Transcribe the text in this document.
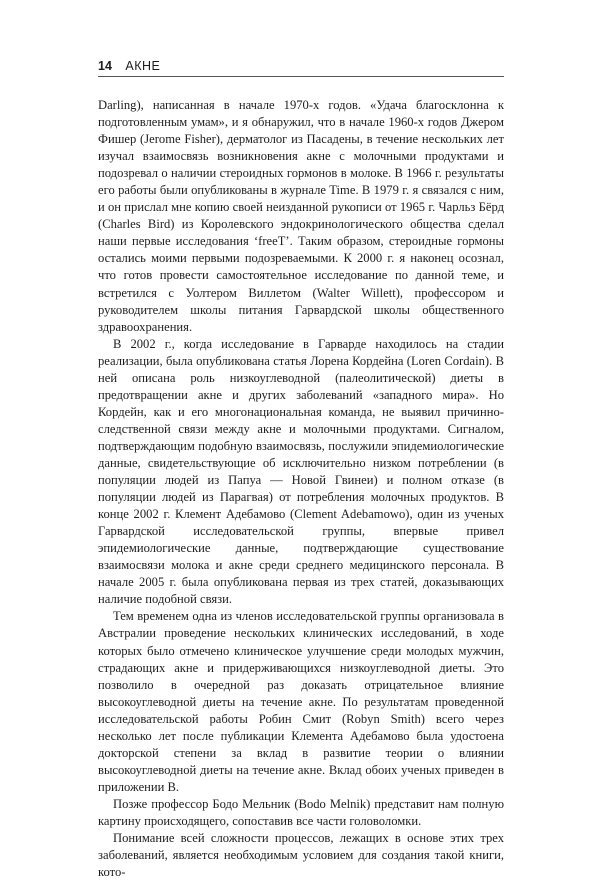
14 АКНЕ

Darling), написанная в начале 1970-х годов. «Удача благосклонна к подготовленным умам», и я обнаружил, что в начале 1960-х годов Джером Фишер (Jerome Fisher), дерматолог из Пасадены, в течение нескольких лет изучал взаимосвязь возникновения акне с молочными продуктами и подозревал о наличии стероидных гормонов в молоке. В 1966 г. результаты его работы были опубликованы в журнале Time. В 1979 г. я связался с ним, и он прислал мне копию своей неизданной рукописи от 1965 г. Чарльз Бёрд (Charles Bird) из Королевского эндокринологического общества сделал наши первые исследования ‘freeT’. Таким образом, стероидные гормоны остались моими первыми подозреваемыми. К 2000 г. я наконец осознал, что готов провести самостоятельное исследование по данной теме, и встретился с Уолтером Виллетом (Walter Willett), профессором и руководителем школы питания Гарвардской школы общественного здравоохранения.

В 2002 г., когда исследование в Гарварде находилось на стадии реализации, была опубликована статья Лорена Кордейна (Loren Cordain). В ней описана роль низкоуглеводной (палеолитической) диеты в предотвращении акне и других заболеваний «западного мира». Но Кордейн, как и его многонациональная команда, не выявил причинно-следственной связи между акне и молочными продуктами. Сигналом, подтверждающим подобную взаимосвязь, послужили эпидемиологические данные, свидетельствующие об исключительно низком потреблении (в популяции людей из Папуа — Новой Гвинеи) и полном отказе (в популяции людей из Парагвая) от потребления молочных продуктов. В конце 2002 г. Клемент Адебамово (Clement Adebamowo), один из ученых Гарвардской исследовательской группы, впервые привел эпидемиологические данные, подтверждающие существование взаимосвязи молока и акне среди среднего медицинского персонала. В начале 2005 г. была опубликована первая из трех статей, доказывающих наличие подобной связи.

Тем временем одна из членов исследовательской группы организовала в Австралии проведение нескольких клинических исследований, в ходе которых было отмечено клиническое улучшение среди молодых мужчин, страдающих акне и придерживающихся низкоуглеводной диеты. Это позволило в очередной раз доказать отрицательное влияние высокоуглеводной диеты на течение акне. По результатам проведенной исследовательской работы Робин Смит (Robyn Smith) всего через несколько лет после публикации Клемента Адебамово была удостоена докторской степени за вклад в развитие теории о влиянии высокоуглеводной диеты на течение акне. Вклад обоих ученых приведен в приложении В.

Позже профессор Бодо Мельник (Bodo Melnik) представит нам полную картину происходящего, сопоставив все части головоломки.

Понимание всей сложности процессов, лежащих в основе этих трех заболеваний, является необходимым условием для создания такой книги, кото-
